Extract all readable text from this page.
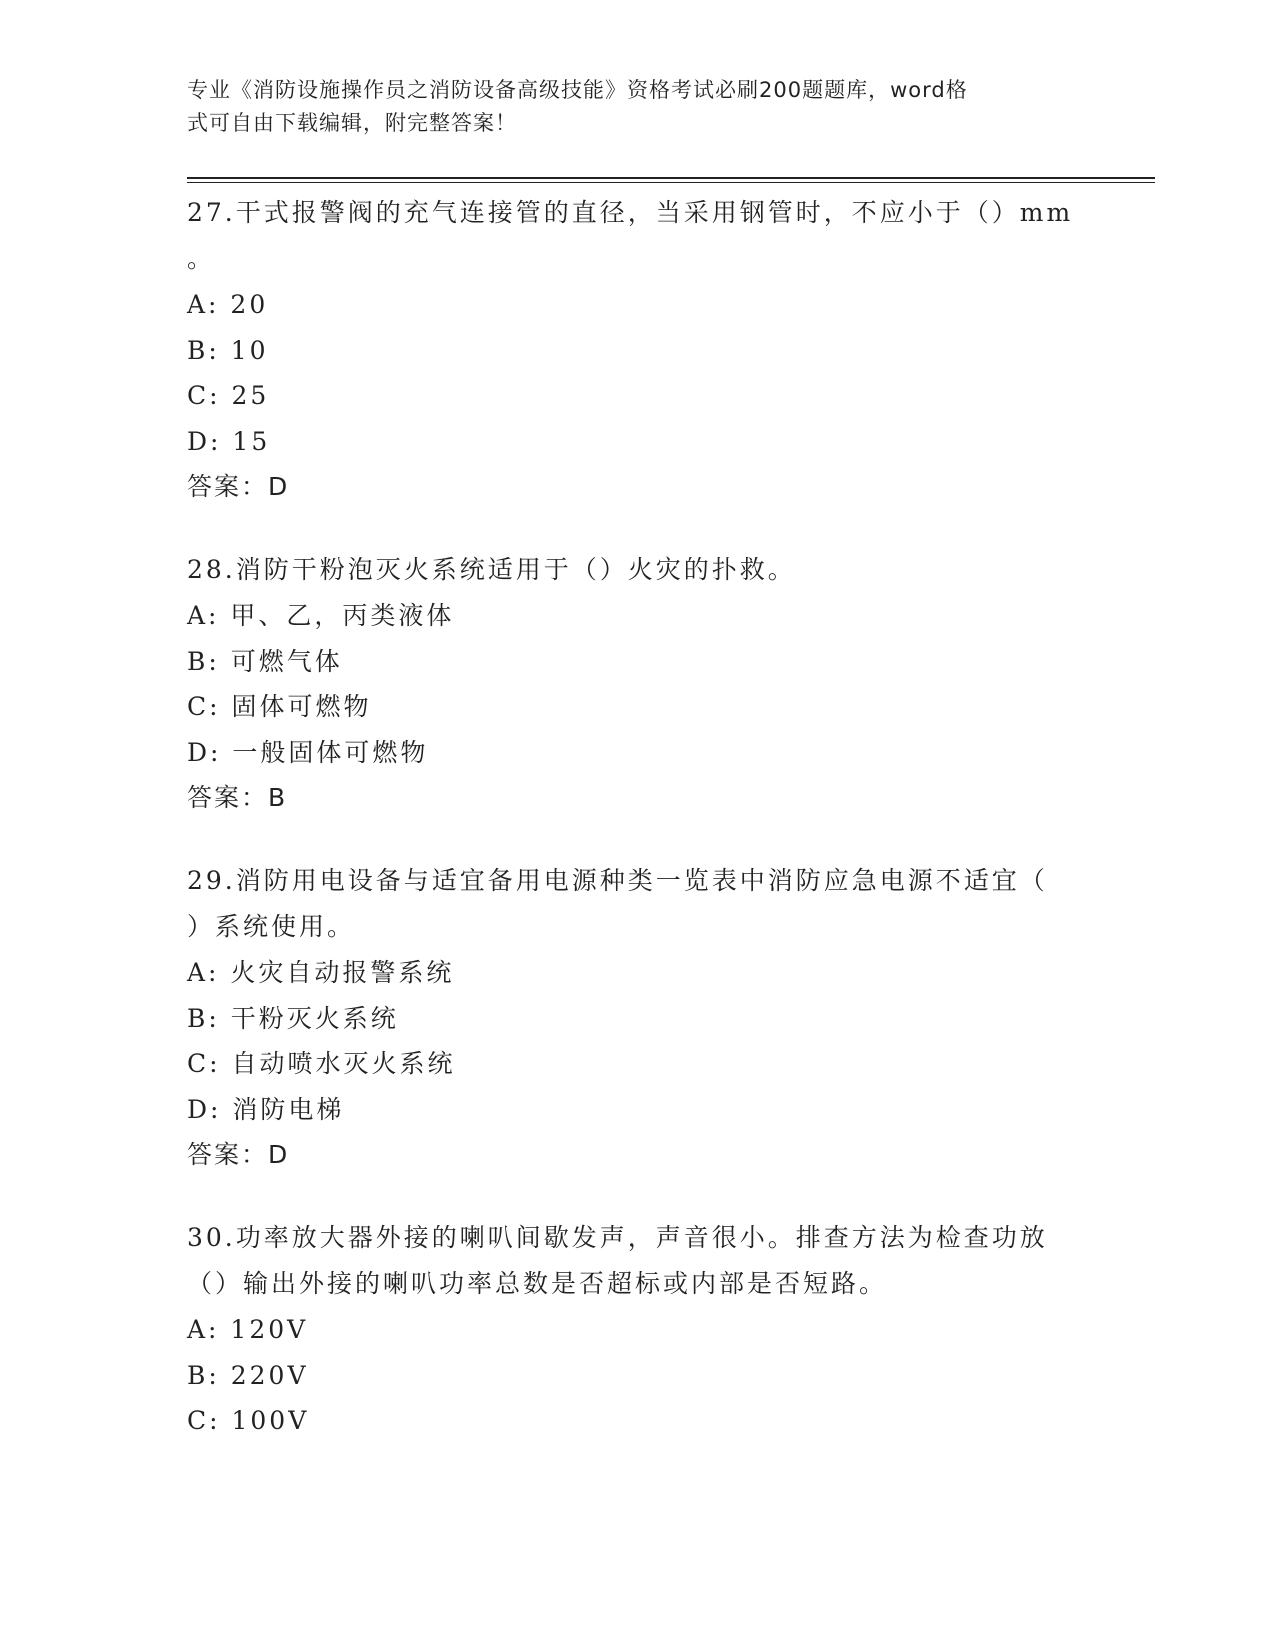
专业《消防设施操作员之消防设备高级技能》资格考试必刷200题题库，word格
式可自由下载编辑，附完整答案！

27.干式报警阀的充气连接管的直径，当采用钢管时，不应小于（）mm

。

A: 20

B: 10

C: 25

D: 15

答案：D

28.消防干粉泡灭火系统适用于（）火灾的扑救。

A: 甲、乙，丙类液体

B: 可燃气体

C: 固体可燃物

D: 一般固体可燃物

答案：B

29.消防用电设备与适宜备用电源种类一览表中消防应急电源不适宜（

）系统使用。

A: 火灾自动报警系统

B: 干粉灭火系统

C: 自动喷水灭火系统

D: 消防电梯

答案：D

30.功率放大器外接的喇叭间歇发声，声音很小。排查方法为检查功放

（）输出外接的喇叭功率总数是否超标或内部是否短路。

A: 120V

B: 220V

C: 100V
